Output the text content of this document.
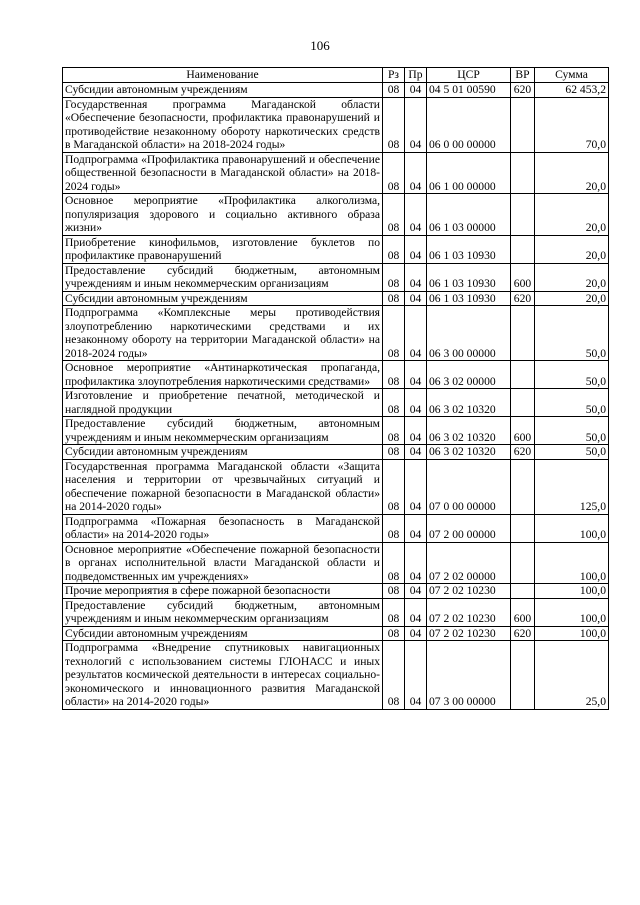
106
Наименование	Рз	Пр	ЦСР	ВР	Сумма
Субсидии автономным учреждениям	08	04	04 5 01 00590	620	62 453,2
Государственная программа Магаданской области «Обеспечение безопасности, профилактика правонарушений и противодействие незаконному обороту наркотических средств в Магаданской области» на 2018-2024 годы»	08	04	06 0 00 00000		70,0
Подпрограмма «Профилактика правонарушений и обеспечение общественной безопасности в Магаданской области» на 2018-2024 годы»	08	04	06 1 00 00000		20,0
Основное мероприятие «Профилактика алкоголизма, популяризация здорового и социально активного образа жизни»	08	04	06 1 03 00000		20,0
Приобретение кинофильмов, изготовление буклетов по профилактике правонарушений	08	04	06 1 03 10930		20,0
Предоставление субсидий бюджетным, автономным учреждениям и иным некоммерческим организациям	08	04	06 1 03 10930	600	20,0
Субсидии автономным учреждениям	08	04	06 1 03 10930	620	20,0
Подпрограмма «Комплексные меры противодействия злоупотреблению наркотическими средствами и их незаконному обороту на территории Магаданской области» на 2018-2024 годы»	08	04	06 3 00 00000		50,0
Основное мероприятие «Антинаркотическая пропаганда, профилактика злоупотребления наркотическими средствами»	08	04	06 3 02 00000		50,0
Изготовление и приобретение печатной, методической и наглядной продукции	08	04	06 3 02 10320		50,0
Предоставление субсидий бюджетным, автономным учреждениям и иным некоммерческим организациям	08	04	06 3 02 10320	600	50,0
Субсидии автономным учреждениям	08	04	06 3 02 10320	620	50,0
Государственная программа Магаданской области «Защита населения и территории от чрезвычайных ситуаций и обеспечение пожарной безопасности в Магаданской области» на 2014-2020 годы»	08	04	07 0 00 00000		125,0
Подпрограмма «Пожарная безопасность в Магаданской области» на 2014-2020 годы»	08	04	07 2 00 00000		100,0
Основное мероприятие «Обеспечение пожарной безопасности в органах исполнительной власти Магаданской области и подведомственных им учреждениях»	08	04	07 2 02 00000		100,0
Прочие мероприятия в сфере пожарной безопасности	08	04	07 2 02 10230		100,0
Предоставление субсидий бюджетным, автономным учреждениям и иным некоммерческим организациям	08	04	07 2 02 10230	600	100,0
Субсидии автономным учреждениям	08	04	07 2 02 10230	620	100,0
Подпрограмма «Внедрение спутниковых навигационных технологий с использованием системы ГЛОНАСС и иных результатов космической деятельности в интересах социально-экономического и инновационного развития Магаданской области» на 2014-2020 годы»	08	04	07 3 00 00000		25,0
